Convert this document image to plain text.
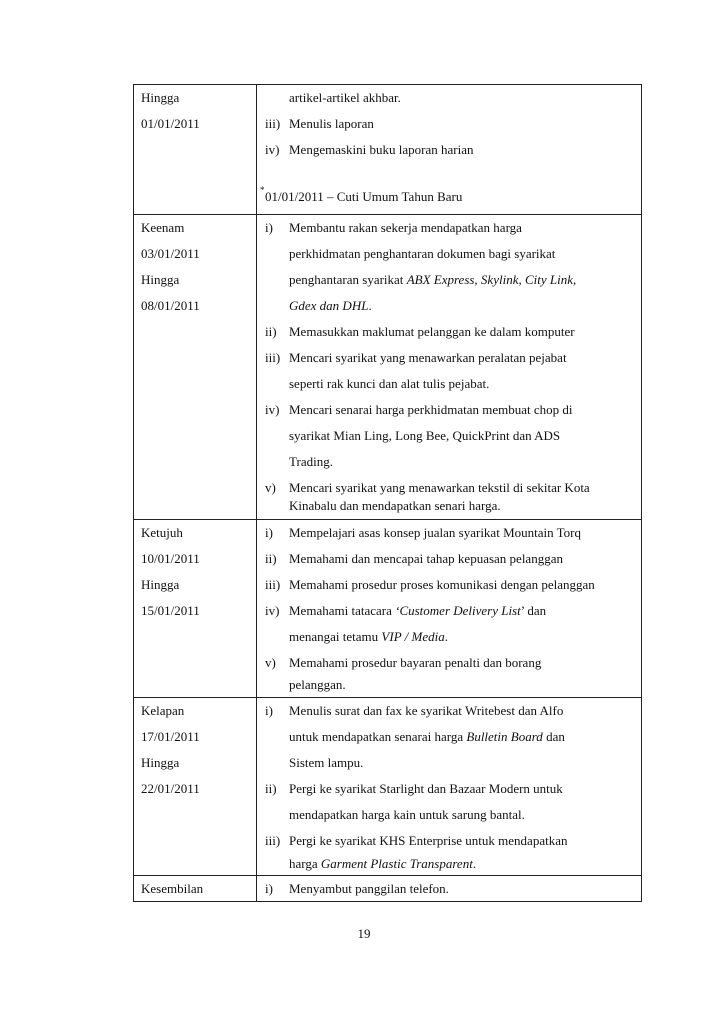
Hingga
01/01/2011
artikel-artikel akhbar.
iii) Menulis laporan
iv) Mengemaskini buku laporan harian
* 01/01/2011 – Cuti Umum Tahun Baru
Keenam
03/01/2011
Hingga
08/01/2011
i) Membantu rakan sekerja mendapatkan harga
perkhidmatan penghantaran dokumen bagi syarikat
penghantaran syarikat ABX Express, Skylink, City Link,
Gdex dan DHL.
ii) Memasukkan maklumat pelanggan ke dalam komputer
iii) Mencari syarikat yang menawarkan peralatan pejabat
seperti rak kunci dan alat tulis pejabat.
iv) Mencari senarai harga perkhidmatan membuat chop di
syarikat Mian Ling, Long Bee, QuickPrint dan ADS
Trading.
v) Mencari syarikat yang menawarkan tekstil di sekitar Kota
Kinabalu dan mendapatkan senari harga.
Ketujuh
10/01/2011
Hingga
15/01/2011
i) Mempelajari asas konsep jualan syarikat Mountain Torq
ii) Memahami dan mencapai tahap kepuasan pelanggan
iii) Memahami prosedur proses komunikasi dengan pelanggan
iv) Memahami tatacara ‘Customer Delivery List’ dan
menangai tetamu VIP / Media.
v) Memahami prosedur bayaran penalti dan borang
pelanggan.
Kelapan
17/01/2011
Hingga
22/01/2011
i) Menulis surat dan fax ke syarikat Writebest dan Alfo
untuk mendapatkan senarai harga Bulletin Board dan
Sistem lampu.
ii) Pergi ke syarikat Starlight dan Bazaar Modern untuk
mendapatkan harga kain untuk sarung bantal.
iii) Pergi ke syarikat KHS Enterprise untuk mendapatkan
harga Garment Plastic Transparent.
Kesembilan	i) Menyambut panggilan telefon.
19
